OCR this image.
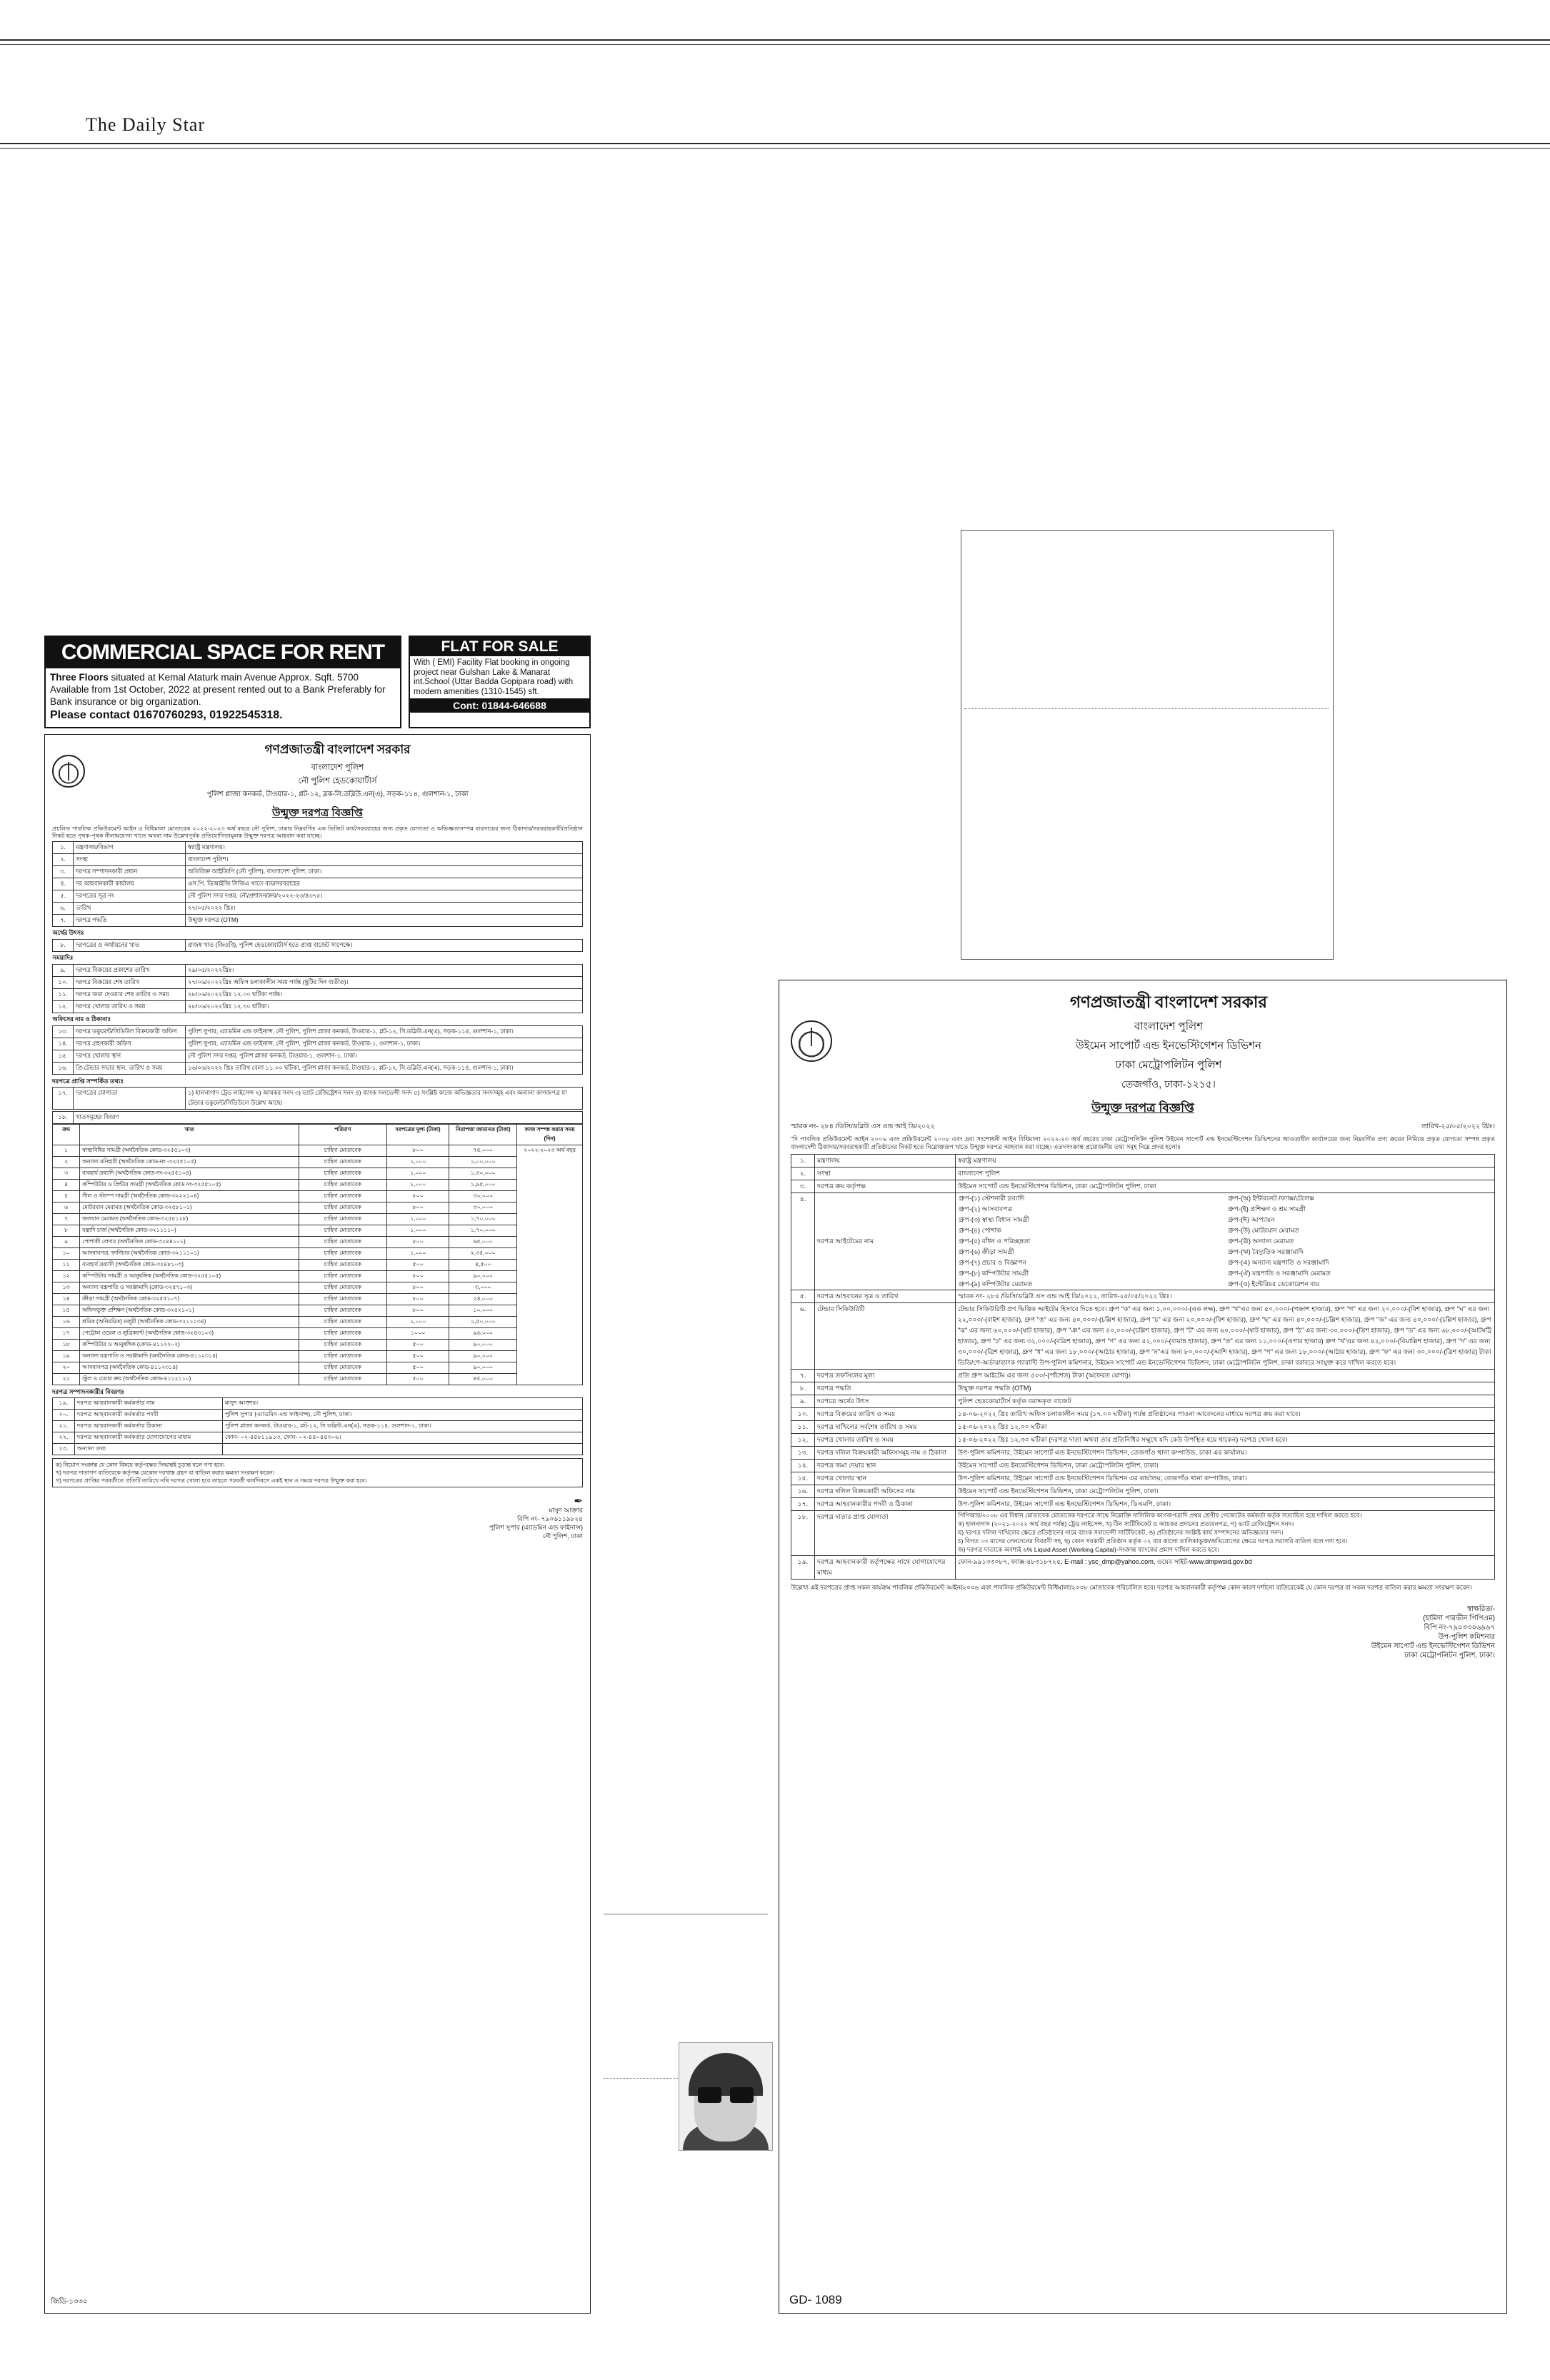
The Daily Star
COMMERCIAL SPACE FOR RENT
Three Floors situated at Kemal Ataturk main Avenue Approx. Sqft. 5700 Available from 1st October, 2022 at present rented out to a Bank Preferably for Bank insurance or big organization.
Please contact 01670760293, 01922545318.
FLAT FOR SALE
With ( EMI) Facility Flat booking in ongoing project near Gulshan Lake & Manarat int.School (Uttar Badda Gopipara road) with modern amenities (1310-1545) sft.
Cont: 01844-646688
গণপ্রজাতন্ত্রী বাংলাদেশ সরকার
বাংলাদেশ পুলিশ
নৌ পুলিশ হেডকোয়ার্টার্স
পুলিশ প্লাজা কনকর্ড, টাওয়ার-১, প্লট-১২, ব্লক-সি.ডব্লিউ.এন(এ), সড়ক-১১৪, গুলশান-১, ঢাকা
উন্মুক্ত দরপত্র বিজ্ঞপ্তি
প্রচলিত পাবলিক প্রকিউরমেন্ট আইন ও বিধিমালা মোতাবেক ২০২২-২০২৩ অর্থ বছরে নৌ পুলিশ, ঢাকার নিম্নবর্ণিত এক ডিজিট কার্য/সরবরাহের জন্য প্রকৃত যোগ্যতা ও অভিজ্ঞতাসম্পন্ন ব্যবসায়ের জন্য ঠিকাদার/সরবরাহকারী/প্রতিষ্ঠান নিকট হতে পৃথক-পৃথক নীলামযোগ্য খাতে অথবা নাম উল্লেখপূর্বক প্রতিযোগিতামূলক উন্মুক্ত দরপত্র আহবান করা যাচ্ছে।
১.	মন্ত্রণালয়/বিভাগ	স্বরাষ্ট্র মন্ত্রণালয়।
২.	সংস্থা	বাংলাদেশ পুলিশ।
৩.	দরপত্র সম্পাদনকারী প্রধান	অতিরিক্ত আইজিপি (নৌ পুলিশ), বাংলাদেশ পুলিশ, ঢাকা।
৪.	দর আহবানকারী কার্যালয়	এস.পি. ডিআইজি সিজিএ খাতে ব্যয়/সরবরাহের
৫.	দরপত্রের সূত্র নং	নৌ পুলিশ সদর দপ্তর, নৌ/প্রশাসন/ক্রয়/২০২২-২৩/৪৩৭৫।
৬.	তারিখ	২৭/০৫/২০২২ খ্রিঃ।
৭.	দরপত্র পদ্ধতি	উন্মুক্ত দরপত্র (OTM)
অর্থের উৎসঃ		
৮.	দরপত্রের ও অর্থায়নের খাত	রাজস্ব খাত (জিওবি), পুলিশ হেডকোয়ার্টার্স হতে প্রাপ্ত বাজেট সাপেক্ষে।
সময়াদিঃ		
৯.	দরপত্র বিক্রয়ের প্রকাশের তারিখ	২৯/০৫/২০২২খ্রিঃ।
১০.	দরপত্র বিক্রয়ের শেষ তারিখ	২৭/০৬/২০২২খ্রিঃ অফিস চলাকালীন সময় পর্যন্ত (ছুটির দিন ব্যতীত)।
১১.	দরপত্র জমা দেওয়ার শেষ তারিখ ও সময়	২৮/০৬/২০২২খ্রিঃ ১২.০০ ঘটিকা পর্যন্ত।
১২.	দরপত্র খোলার তারিখ ও সময়	২৮/০৬/২০২২খ্রিঃ ১২.৩০ ঘটিকা।
অফিসের নাম ও ঠিকানাঃ		
১৩.	দরপত্র ডকুমেন্ট/সিডিউল বিক্রয়কারী অফিস	পুলিশ সুপার, এ্যাডমিন এন্ড ফাইনান্স, নৌ পুলিশ, পুলিশ প্লাজা কনকর্ড, টাওয়ার-১, প্লট-১২, সি.ডব্লিউ.এন(এ), সড়ক-১১৪, গুলশান-১, ঢাকা।
১৪.	দরপত্র গ্রহণকারী অফিস	পুলিশ সুপার, এ্যাডমিন এন্ড ফাইনান্স, নৌ পুলিশ, পুলিশ প্লাজা কনকর্ড, টাওয়ার-১, গুলশান-১, ঢাকা।
১৫.	দরপত্র খোলার স্থান	নৌ পুলিশ সদর দপ্তর, পুলিশ প্লাজা কনকর্ড, টাওয়ার-১, গুলশান-১, ঢাকা।
১৬.	প্রি-টেন্ডার সভার স্থান, তারিখ ও সময়	১৬/০৬/২০২২ খ্রিঃ তারিখ বেলা ১১.০০ ঘটিকা, পুলিশ প্লাজা কনকর্ড, টাওয়ার-১, প্লট-১২, সি.ডব্লিউ.এন(এ), সড়ক-১১৪, গুলশান-১, ঢাকা।
দরপত্রে প্রাপ্তি সম্পর্কিত তথ্যঃ
১৭.	দরপত্রের যোগ্যতা	১) হালনাগাদ ট্রেড লাইসেন্স ২) আয়কর সনদ ৩) ভ্যাট রেজিষ্ট্রেশন সনদ ৪) ব্যাংক সলভেন্সী সনদ ৫) সংশ্লিষ্ট কাজে অভিজ্ঞতার সনদসমূহ এবং অন্যান্য কাগজপত্র যা টেন্ডার ডকুমেন্ট/সিডিউলে উল্লেখ আছে।
১৮.	খাতসমূহের বিবরণ
ক্রম	খাত	পরিমাণ	দরপত্রের মূল্য (টাকা)	নিরাপত্তা জামানত (টাকা)	কাজ সম্পন্ন করার সময় (দিন)
১	স্বাস্থ্যবিধির সামগ্রী (অর্থনৈতিক কোড-৩২৫৫১০৩)	চাহিদা মোতাবেক	৮০০	৭৫,০০০	২০২২-২০২৩ অর্থ বছর
২	অন্যান্য মনিহারী (অর্থনৈতিক কোড-নং -৩২৫৫১০৫)	চাহিদা মোতাবেক	১,০০০	১,০০,০০০	
৩	ব্যবহার্য দ্রব্যাদি (অর্থনৈতিক কোড-নং-৩২৫৫১০৪)	চাহিদা মোতাবেক	১,০০০	১,৩০,০০০	
৪	কম্পিউটার ও প্রিন্টার সামগ্রী (অর্থনৈতিক কোড নং-৩২৫৫১০৫)	চাহিদা মোতাবেক	১,০০০	১,৯৫,০০০	
৫	সীল ও স্ট্যাম্প সামগ্রী (অর্থনৈতিক কোড-৩২২২১০৪)	চাহিদা মোতাবেক	৮০০	৩০,০০০	
৬	মোটরযান মেরামত (অর্থনৈতিক কোড-৩২৫৮১০১)	চাহিদা মোতাবেক	৮০০	৩০,০০০	
৭	জলযান মেরামত (অর্থনৈতিক কোড-৩২৫৮১২৮)	চাহিদা মোতাবেক	১,০০০	১,৭০,০০০	
৮	যন্ত্রাদি চার্জ (অর্থনৈতিক কোড-৩২১১১১০)	চাহিদা মোতাবেক	১,০০০	১,৭০,০০০	
৯	পোশাকী লেদার (অর্থনৈতিক কোড-৩২৪৪১০১)	চাহিদা মোতাবেক	৮০০	৬৫,০০০	
১০	আসবাবপত্র, ফার্নিচার (অর্থনৈতিক কোড-৩২১১১০১)	চাহিদা মোতাবেক	১,০০০	২,৩৫,০০০	
১১	ব্যবহার্য দ্রব্যাদি (অর্থনৈতিক কোড-৩২৪৮১০৩)	চাহিদা মোতাবেক	৫০০	৪,৫০০	
১২	কম্পিউটার সামগ্রী ও আনুষঙ্গিক (অর্থনৈতিক কোড-৩২৫৫১০৫)	চাহিদা মোতাবেক	৮০০	৯০,০০০	
১৩	অন্যান্য যন্ত্রপাতি ও সরঞ্জামাদি (কোড-৩২৫৭১০৩)	চাহিদা মোতাবেক	৮০০	৩,০০০	
১৪	ক্রীড়া সামগ্রী (অর্থনৈতিক কোড-৩২৫৫১০৭)	চাহিদা মোতাবেক	৮০০	২৪,০০০	
১৫	অফিসভূক্ত প্রশিক্ষণ (অর্থনৈতিক কোড-৩২৫২১০১)	চাহিদা মোতাবেক	৮০০	১০,০০০	
১৬	শ্রমিক (অনিয়মিত) মজুরী (অর্থনৈতিক কোড-৩২১১১৩৪)	চাহিদা মোতাবেক	১,০০০	১,৫০,০০০	
১৭	পেট্রোল ওয়েল ও লুব্রিক্যান্ট (অর্থনৈতিক কোড-৩২৪৩১০৩)	চাহিদা মোতাবেক	১০০০	৯৬,০০০	
১৮	কম্পিউটার ও আনুষঙ্গিক (কোড-৪১১২২০২)	চাহিদা মোতাবেক	৫০০	৯০,০০০	
১৯	অন্যান্য যন্ত্রপাতি ও সরঞ্জামাদি (অর্থনৈতিক কোড-৪১১২৩১৪)	চাহিদা মোতাবেক	৫০০	৯০,০০০	
২০	আসবাবপত্র (অর্থনৈতিক কোড-৪১১২৩১৪)	চাহিদা মোতাবেক	৫০০	৯০,০০০	
২১	স্টুল ও চেয়ার ক্রয় (অর্থনৈতিক কোড-৪১১২১১০)	চাহিদা মোতাবেক	৫০০	৪৫,০০০	
দরপত্র সম্পাদনকারীর বিবরণঃ
১৯.	দরপত্র আহবানকারী কর্মকর্তার নাম	মাসুদ আক্তার।
২০.	দরপত্র আহবানকারী কর্মকর্তার পদবী	পুলিশ সুপার (এ্যাডমিন এন্ড ফাইনান্স), নৌ পুলিশ, ঢাকা।
২১.	দরপত্র আহবানকারী কর্মকর্তার ঠিকানা	পুলিশ প্লাজা কনকর্ড, টাওয়ার-১, প্লট-১২, সি.ডব্লিউ.এন(এ), সড়ক-১১৪, গুলশান-১, ঢাকা।
২২.	দরপত্র আহবানকারী কর্মকর্তার যোগাযোগের মাধ্যম	ফোন- ০২-৪৪৮১১৯১৩, ফোন- ০২-৪৪০৪৪৩০৬।
২৩.	অন্যান্য তথ্য	
ক) নিয়োগ সংক্রান্ত যে কোন বিষয়ে কর্তৃপক্ষের সিদ্ধান্তই চূড়ান্ত বলে গণ্য হবে।
খ) দরপত্র দাতাগণ ব্যতিরেকে কর্তৃপক্ষ যেকোন দরখাস্ত গ্রহণ বা বাতিল করার ক্ষমতা সংরক্ষণ করেন।
গ) দরপত্রের প্রাপ্তির পরবর্তীতে প্রতিটি তারিখে নথি দরপত্র খোলা হবে তাহলে পরবর্তী কার্যদিবসে একই স্থান ও সময়ে দরপত্র উন্মুক্ত করা হবে।
✒︎
মাসুদ আক্তার
বিপি নং- ৭৯০৬১১৯৮২৪
পুলিশ সুপার (এ্যাডমিন এন্ড ফাইনান্স)
নৌ পুলিশ, ঢাকা
জিডি-১৩৩০
গণপ্রজাতন্ত্রী বাংলাদেশ সরকার
বাংলাদেশ পুলিশ
উইমেন সাপোর্ট এন্ড ইনভেস্টিগেশন ডিভিশন
ঢাকা মেট্রোপলিটন পুলিশ
তেজগাঁও, ঢাকা-১২১৫।
উন্মুক্ত দরপত্র বিজ্ঞপ্তি
স্মারক নং- ২৮৪ /ডিসি/ডব্লিউ এস এন্ড আই ডি/২০২২	তারিখ-২৫/০৫/২০২২ খ্রিঃ।
"দি পাবলিক প্রকিউরমেন্ট আইন ২০০৬ এবং প্রকিউরমেন্ট ২০০৮ এবং দ্রব্য সংশোধনী আইন বিধিমালা ২০২২-২৩ অর্থ বছরের ঢাকা মেট্রোপলিটন পুলিশ উইমেন সাপোর্ট এন্ড ইনভেস্টিগেশন ডিভিশনের আওতাধীন কার্যালয়ের জন্য নিম্নবর্ণিত প্রণ্য ক্রয়ের নিমিত্তে প্রকৃত যোগ্যতা সম্পন্ন প্রকৃত বাংলাদেশী ঠিকাদার/সরবরাহকারী প্রতিষ্ঠানের নিকট হতে নিম্নোক্তরূপ খাতে উন্মুক্ত দরপত্র আহবান করা যাচ্ছে। এতদসংক্রান্ত প্রয়োজনীয় তথ্য সমূহ নিম্নে প্রদত্ত হলোঃ
১.	মন্ত্রণালয়	স্বরাষ্ট্র মন্ত্রণালয়
২.	সংস্থা	বাংলাদেশ পুলিশ
৩.	দরপত্র ক্রয় কর্তৃপক্ষ	উইমেন সাপোর্ট এন্ড ইনভেস্টিগেশন ডিভিশন, ঢাকা মেট্রোপলিটন পুলিশ, ঢাকা
৪.	দরপত্র আইটেমের নাম	
গ্রুপ-(১) স্টেশনারী দ্রব্যাদি	গ্রুপ-(অ) ইন্টারনেট /ফ্যাক্স/টেলেক্স
গ্রুপ-(২) আসবাবপত্র	গ্রুপ-(ই) প্রশিক্ষণ ও শ্রম সামগ্রী
গ্রুপ-(৩) স্বাস্থ্য বিধান সামগ্রী	গ্রুপ-(ঈ) আপ্যায়ন
গ্রুপ-(৪) পোশাক	গ্রুপ-(উ) মোটরযান মেরামত
গ্রুপ-(৫) বাঁধন ও পরিচ্ছন্নতা	গ্রুপ-(ঊ) অন্যান্য মেরামত
গ্রুপ-(৬) ক্রীড়া সামগ্রী	গ্রুপ-(ঋ) বৈদ্যুতিক সরঞ্জামাদি
গ্রুপ-(৭) প্রচার ও বিজ্ঞাপন	গ্রুপ-(এ) অন্যান্য যন্ত্রপাতি ও সরঞ্জামাদি
গ্রুপ-(৮) কম্পিউটার সামগ্রী	গ্রুপ-(ঐ) যন্ত্রপাতি ও সরঞ্জামাদি মেরামত
গ্রুপ-(৯) কম্পিউটার মেরামত	গ্রুপ-(ও) ইন্টেরিয়র ডেকোরেশন ব্যয়

৫.	দরপত্র আহবানের সূত্র ও তারিখ	স্মারক নং- ২৮৪ /ডিসি/ডব্লিউ এস এন্ড আই ডি/২০২২, তারিখ-২৫/০৫/২০২২ খ্রিঃ।
৬.	টেন্ডার সিকিউরিটি	টেন্ডার সিকিউরিটি প্রণ ভিত্তিক আইটেম হিসাবে দিতে হবে। গ্রুপ "ক" এর জন্য ১,০০,০০০/-(এক লক্ষ), গ্রুপ "খ"এর জন্য ৫০,০০০/-(পঞ্চাশ হাজার), গ্রুপ "গ" এর জন্য ২০,০০০/-(বিশ হাজার), গ্রুপ "ঘ" এর জন্য ২২,০০০/-(বাইশ হাজার), গ্রুপ "ঙ" এর জন্য ৪০,০০০/-(চল্লিশ হাজার), গ্রুপ "চ" এর জন্য ২০,০০০/-(বিশ হাজার), গ্রুপ "ছ" এর জন্য ৪০,০০০/-(চল্লিশ হাজার), গ্রুপ "জ" এর জন্য ৪০,০০০/-(চল্লিশ হাজার), গ্রুপ "ঝ" এর জন্য ৬০,০০০/-(ষাট হাজার), গ্রুপ "ঞ" এর জন্য ৪০,০০০/-(চল্লিশ হাজার), গ্রুপ "ট" এর জন্য ৬০,০০০/-(ষাট হাজার), গ্রুপ "ঠ" এর জন্য ৩০,০০০/-(ত্রিশ হাজার), গ্রুপ "ড" এর জন্য ৬৮,০০০/-(আটষট্টি হাজার), গ্রুপ "ঢ" এর জন্য ৩২,০০০/-(বত্রিশ হাজার), গ্রুপ "ণ" এর জন্য ৫২,০০০/-(বায়ান্ন হাজার), গ্রুপ "ত" এর জন্য ১১,০০০/-(এগার হাজার) গ্রুপ "থ"এর জন্য ৪২,০০০/-(বিয়াল্লিশ হাজার), গ্রুপ "দ" এর জন্য ৩০,০০০/-(ত্রিশ হাজার), গ্রুপ "ধ" এর জন্য ১৮,০০০/-(আঠার হাজার), গ্রুপ "ন"এর জন্য ৮০,০০০/-(আশি হাজার), গ্রুপ "প" এর জন্য ১৮,০০০/-(আঠার হাজার), গ্রুপ "ফ" এর জন্য ৩০,০০০/-(ত্রিশ হাজার) টাকা ডিডি/পে-অর্ডার/ব্যাংক গ্যারান্টি উপ-পুলিশ কমিশনার, উইমেন সাপোর্ট এন্ড ইনভেস্টিগেশন ডিভিশন, ঢাকা মেট্রোপলিটন পুলিশ, ঢাকা বরাবরে সংযুক্ত করে দাখিল করতে হবে।
৭.	দরপত্র তফসিলের মূল্য	প্রতি গ্রুপ আইটেম এর জন্য ৫০০/-(পাঁচশত) টাকা (অফেরত যোগ্য)।
৮.	দরপত্র পদ্ধতি	উন্মুক্ত দরপত্র পদ্ধতি (OTM)
৯.	দরপত্রে অর্থের উৎস	পুলিশ হেডকোয়ার্টার্স কর্তৃক বরাদ্দকৃত বাজেট
১০.	দরপত্র বিক্রয়ের তারিখ ও সময়	১৪-০৬-২০২২ খ্রিঃ তারিখ অফিস চলাকালীন সময় (১৭.০০ ঘটিকা) পর্যন্ত প্রতিষ্ঠানের পাওনা আবেদনের মাধ্যমে দরপত্র ক্রয় করা যাবে।
১১.	দরপত্র দাখিলের সর্বশেষ তারিখ ও সময়	১৫-০৬-২০২২ খ্রিঃ ১২.০০ ঘটিকা
১২.	দরপত্র খোলার তারিখ ও সময়	১৫-০৬-২০২২ খ্রিঃ ১২.৩০ ঘটিকা (দরপত্র দাতা অথবা তার প্রতিনিধির সম্মুখে যদি কেউ উপস্থিত হয়ে থাকেন) দরপত্র খোলা হবে।
১৩.	দরপত্র দলিল বিক্রয়কারী অফিসসমূহ নাম ও ঠিকানা	উপ-পুলিশ কমিশনার, উইমেন সাপোর্ট এন্ড ইনভেস্টিগেশন ডিভিশন, তেজগাঁও থানা কম্পাউন্ড, ঢাকা এর কার্যালয়।
১৪.	দরপত্র জমা দেয়ার স্থান	উইমেন সাপোর্ট এন্ড ইনভেস্টিগেশন ডিভিশন, ঢাকা মেট্রোপলিটন পুলিশ, ঢাকা।
১৫.	দরপত্র খোলার স্থান	উপ-পুলিশ কমিশনার, উইমেন সাপোর্ট এন্ড ইনভেস্টিগেশন ডিভিশন এর কার্যালয়, তেজগাঁও থানা কম্পাউন্ড, ঢাকা।
১৬.	দরপত্র দলিল বিক্রয়কারী অফিসের নাম	উইমেন সাপোর্ট এন্ড ইনভেস্টিগেশন ডিভিশন, ঢাকা মেট্রোপলিটন পুলিশ, ঢাকা।
১৭.	দরপত্র আহবানকারীর পদবী ও ঠিকানা	উপ-পুলিশ কমিশনার, উইমেন সাপোর্ট এন্ড ইনভেস্টিগেশন ডিভিশন, ডিএমপি, ঢাকা।
১৮.	দরপত্র দাতার প্রাপ্ত যোগ্যতা	পিপিআর/২০০৮ এর বিধান মোতাবেক মোতাবেক দরপত্রে সাথে নিম্নোক্তি দালিলিক কাগজপত্রাদি প্রথম শ্রেণীর গেজেটেড কর্মকর্তা কর্তৃক সত্যায়িত হয়ে দাখিল করতে হবে।
ক) হালনাগাদ (২০২১-২০২২ অর্থ বছর পর্যন্ত) ট্রেড লাইসেন্স, খ) টিন সার্টিফিকেট ও আয়কর প্রদানের প্রত্যয়নপত্র, গ) ভ্যাট রেজিস্ট্রেশন সনদ।
ঘ) দরপত্র দলিল দাখিলের ক্ষেত্রে প্রতিষ্ঠানের নামে ব্যাংক সলভেন্সী সার্টিফিকেট, ঙ) প্রতিষ্ঠানের সংশ্লিষ্ট কার্য সম্পাদনের অভিজ্ঞতার সনদ।
চ) বিগত ০৩ মাসের লেনদেনের বিবরণী সহ, ছ) কোন সরকারী প্রতিষ্ঠান কর্তৃক ০২ বার কালো তালিকাভুক্ত/অভিযোগের ক্ষেত্রে দরপত্র সরাসরি বাতিল বলে গণ্য হবে।
জ) দরপত্র দাতাকে অবশ্যই ৬% Liquid Asset (Working Capital)-সংক্রান্ত ব্যাংকের প্রমাণ দাখিল করতে হবে।

১৯.	দরপত্র আহবানকারী কর্তৃপক্ষের সাথে যোগাযোগের মাধ্যম	ফোন-৯৯১৩৩০৮৭, ফ্যাক্স-৪৮৩১৮৭২৫, E-mail : ysc_dmp@yahoo.com, ওয়েব সাইট-www.dmpwsid.gov.bd
উল্লেখ্য এই দরপত্রের প্রাপ্ত সকল কার্যক্রম পাবলিক প্রকিউরমেন্ট আইন/২০০৬ এবং পাবলিক প্রকিউরমেন্ট বিধিমালা/২০০৮ মোতাবেক পরিচালিত হবে। দরপত্র আহবানকারী কর্তৃপক্ষ কোন কারণ দর্শানো ব্যতিরেকেই যে কোন দরপত্র বা সকল দরপত্র বাতিল করার ক্ষমতা সংরক্ষণ করেন।
স্বাক্ষরিত/-
(হামিদা পারভীন পিপিএম)
বিপি নং-৭৯০৩৩০৬৯৬৭
উপ-পুলিশ কমিশনার
উইমেন সাপোর্ট এন্ড ইনভেস্টিগেশন ডিভিশন
ঢাকা মেট্রোপলিটন পুলিশ, ঢাকা।
GD- 1089
